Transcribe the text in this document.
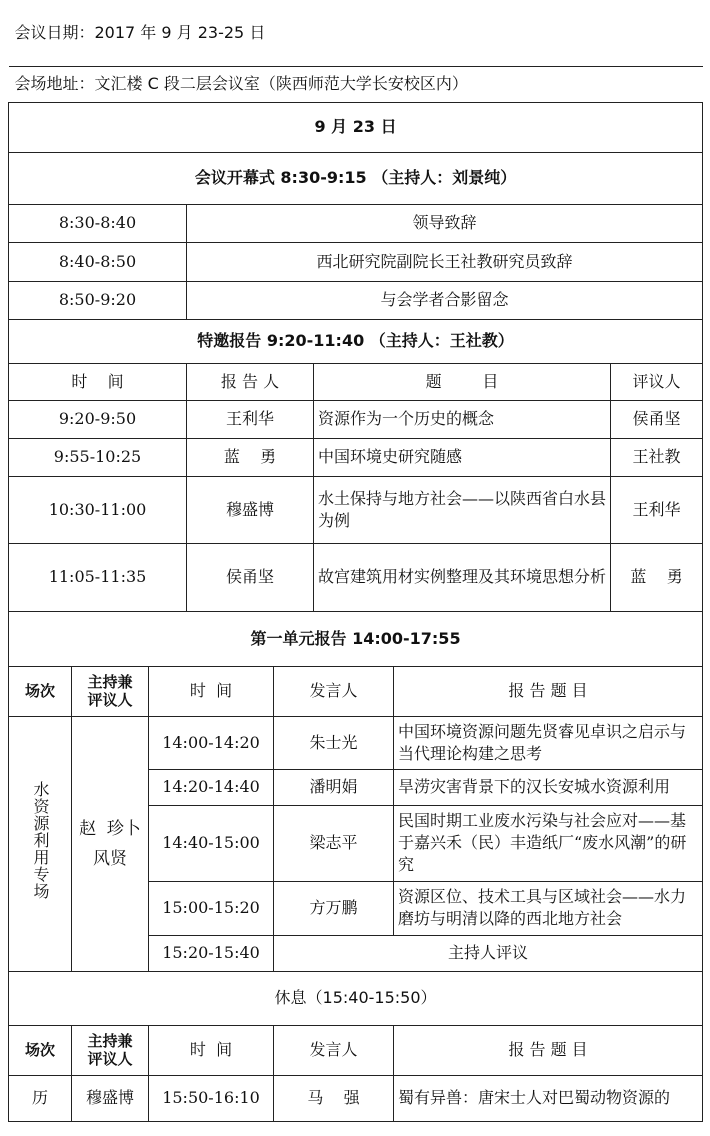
会议日期：2017 年 9 月 23-25 日							
会场地址：文汇楼 C 段二层会议室（陕西师范大学长安校区内）							
9 月 23 日							
会议开幕式 8:30-9:15 （主持人：刘景纯）							
8:30-8:40			领导致辞				
8:40-8:50			西北研究院副院长王社教研究员致辞				
8:50-9:20			与会学者合影留念				
特邀报告 9:20-11:40 （主持人：王社教）							
时    间			报 告 人		题        目		评议人
9:20-9:50			王利华		资源作为一个历史的概念		侯甬坚
9:55-10:25			蓝    勇		中国环境史研究随感		王社教
10:30-11:00			穆盛博		水土保持与地方社会——以陕西省白水县为例		王利华
11:05-11:35			侯甬坚		故宫建筑用材实例整理及其环境思想分析		蓝    勇
第一单元报告 14:00-17:55							
场次	主持兼评议人	时  间		发言人		报 告 题 目	
水资源利用专场	赵  珍卜风贤	14:00-14:20		朱士光		中国环境资源问题先贤睿见卓识之启示与当代理论构建之思考	
		14:20-14:40		潘明娟		旱涝灾害背景下的汉长安城水资源利用	
		14:40-15:00		梁志平		民国时期工业废水污染与社会应对——基于嘉兴禾（民）丰造纸厂“废水风潮”的研究	
		15:00-15:20		方万鹏		资源区位、技术工具与区域社会——水力磨坊与明清以降的西北地方社会	
		15:20-15:40		主持人评议			
休息（15:40-15:50）							
场次	主持兼评议人	时  间		发言人		报 告 题 目	
历	穆盛博	15:50-16:10		马    强		蜀有异兽：唐宋士人对巴蜀动物资源的	
